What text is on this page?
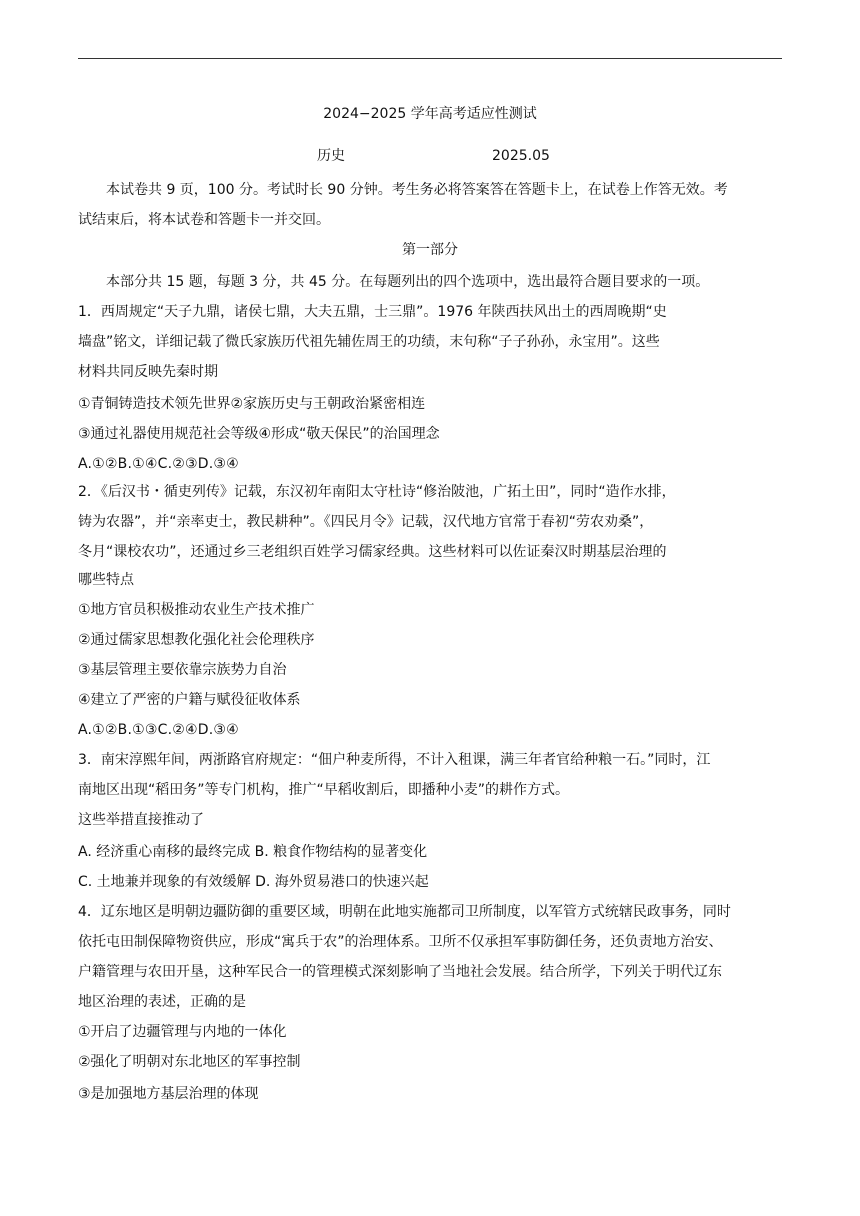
2024−2025 学年高考适应性测试
历史	2025.05
本试卷共 9 页，100 分。考试时长 90 分钟。考生务必将答案答在答题卡上，在试卷上作答无效。考
试结束后，将本试卷和答题卡一并交回。
第一部分
本部分共 15 题，每题 3 分，共 45 分。在每题列出的四个选项中，选出最符合题目要求的一项。
1．西周规定“天子九鼎，诸侯七鼎，大夫五鼎，士三鼎”。1976 年陕西扶风出土的西周晚期“史
墙盘”铭文，详细记载了微氏家族历代祖先辅佐周王的功绩，末句称“子子孙孙，永宝用”。这些
材料共同反映先秦时期
①青铜铸造技术领先世界②家族历史与王朝政治紧密相连
③通过礼器使用规范社会等级④形成“敬天保民”的治国理念
A.①②B.①④C.②③D.③④
2．《后汉书・循吏列传》记载，东汉初年南阳太守杜诗“修治陂池，广拓土田”，同时“造作水排，
铸为农器”，并“亲率吏士，教民耕种”。《四民月令》记载，汉代地方官常于春初“劳农劝桑”，
冬月“课校农功”，还通过乡三老组织百姓学习儒家经典。这些材料可以佐证秦汉时期基层治理的
哪些特点
①地方官员积极推动农业生产技术推广
②通过儒家思想教化强化社会伦理秩序
③基层管理主要依靠宗族势力自治
④建立了严密的户籍与赋役征收体系
A.①②B.①③C.②④D.③④
3．南宋淳熙年间，两浙路官府规定：“佃户种麦所得，不计入租课，满三年者官给种粮一石。”同时，江
南地区出现“稻田务”等专门机构，推广“早稻收割后，即播种小麦”的耕作方式。
这些举措直接推动了
A. 经济重心南移的最终完成 B. 粮食作物结构的显著变化
C. 土地兼并现象的有效缓解 D. 海外贸易港口的快速兴起
4．辽东地区是明朝边疆防御的重要区域，明朝在此地实施都司卫所制度，以军管方式统辖民政事务，同时
依托屯田制保障物资供应，形成“寓兵于农”的治理体系。卫所不仅承担军事防御任务，还负责地方治安、
户籍管理与农田开垦，这种军民合一的管理模式深刻影响了当地社会发展。结合所学，下列关于明代辽东
地区治理的表述，正确的是
①开启了边疆管理与内地的一体化
②强化了明朝对东北地区的军事控制
③是加强地方基层治理的体现
